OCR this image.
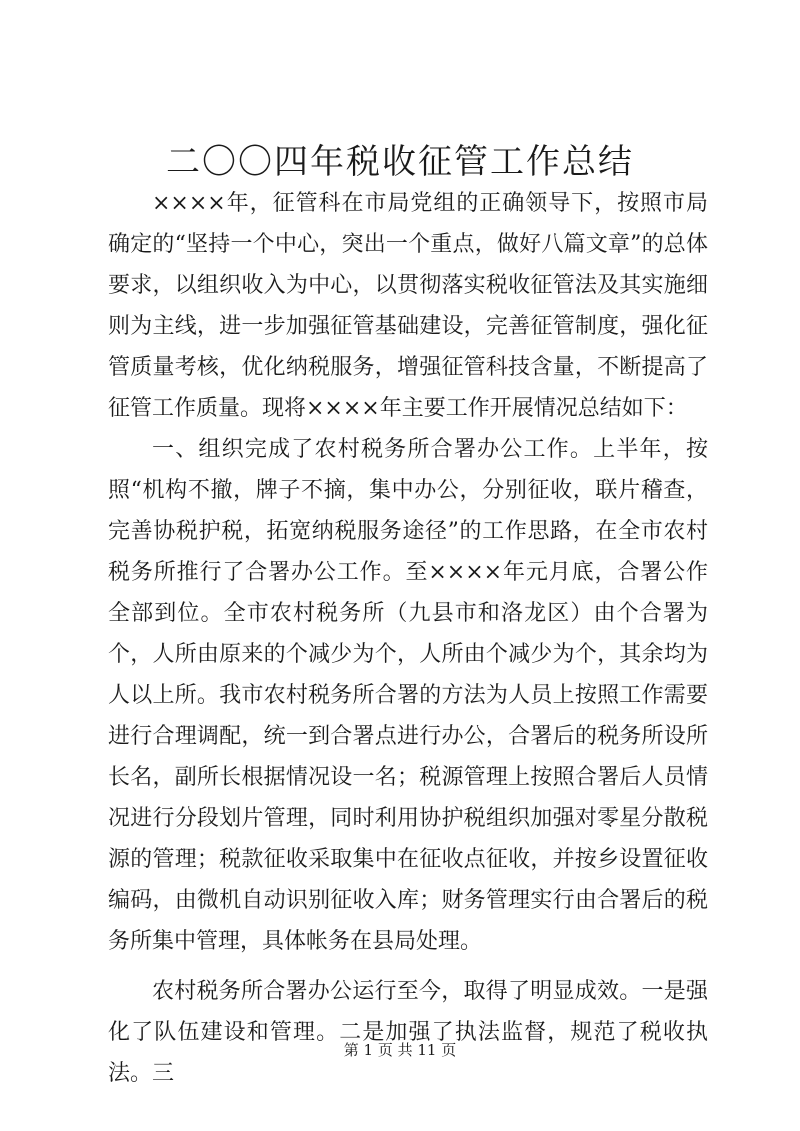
二〇〇四年税收征管工作总结

××××年，征管科在市局党组的正确领导下，按照市局确定的“坚持一个中心，突出一个重点，做好八篇文章”的总体要求，以组织收入为中心，以贯彻落实税收征管法及其实施细则为主线，进一步加强征管基础建设，完善征管制度，强化征管质量考核，优化纳税服务，增强征管科技含量，不断提高了征管工作质量。现将××××年主要工作开展情况总结如下：

一、组织完成了农村税务所合署办公工作。上半年，按照“机构不撤，牌子不摘，集中办公，分别征收，联片稽查，完善协税护税，拓宽纳税服务途径”的工作思路，在全市农村税务所推行了合署办公工作。至××××年元月底，合署公作全部到位。全市农村税务所（九县市和洛龙区）由个合署为个，人所由原来的个减少为个，人所由个减少为个，其余均为人以上所。我市农村税务所合署的方法为人员上按照工作需要进行合理调配，统一到合署点进行办公，合署后的税务所设所长名，副所长根据情况设一名；税源管理上按照合署后人员情况进行分段划片管理，同时利用协护税组织加强对零星分散税源的管理；税款征收采取集中在征收点征收，并按乡设置征收编码，由微机自动识别征收入库；财务管理实行由合署后的税务所集中管理，具体帐务在县局处理。

农村税务所合署办公运行至今，取得了明显成效。一是强化了队伍建设和管理。二是加强了执法监督，规范了税收执法。三

第 1 页 共 11 页
